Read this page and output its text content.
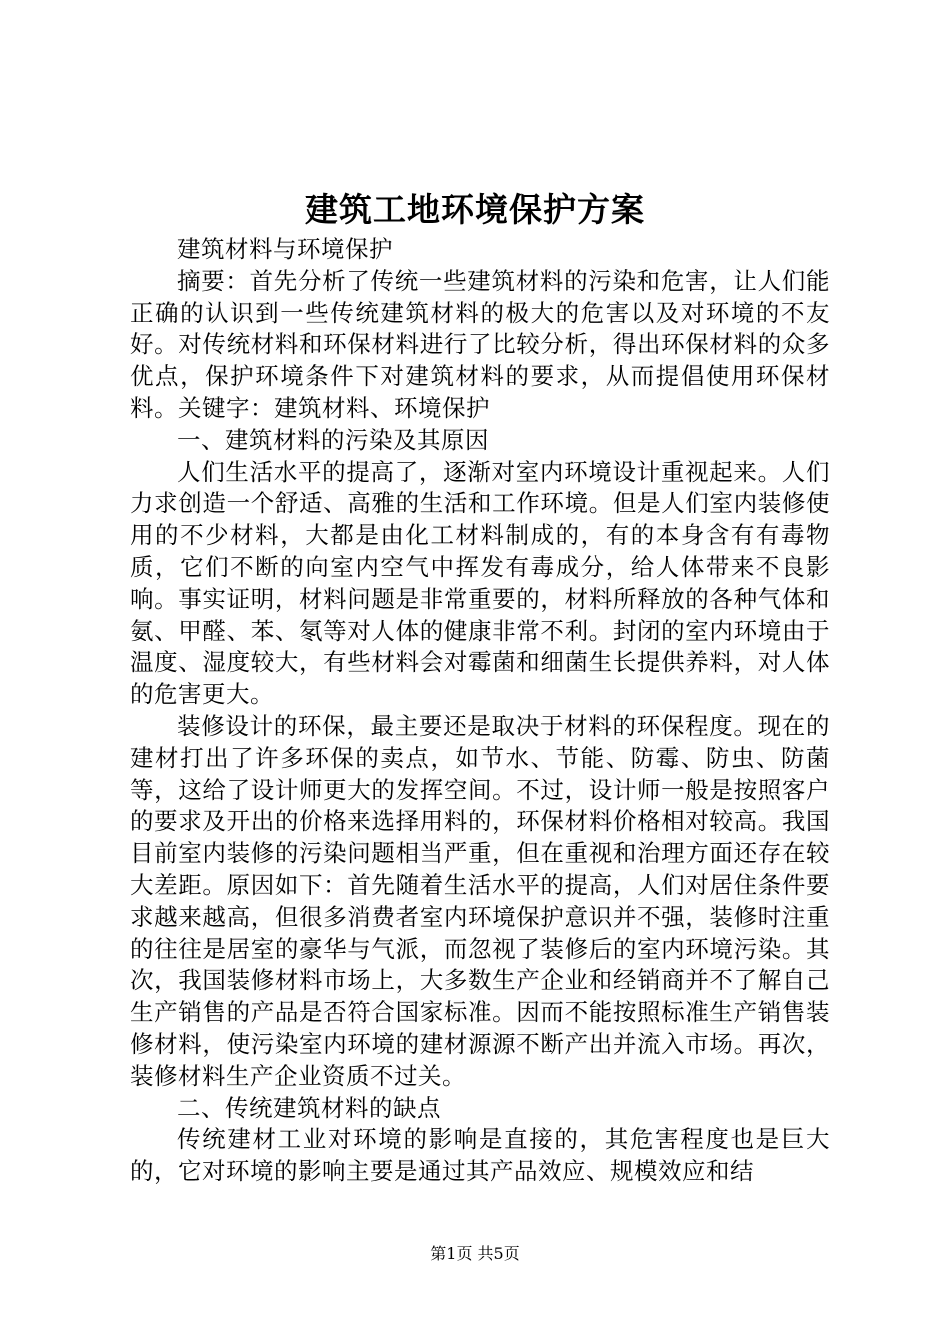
建筑工地环境保护方案

建筑材料与环境保护

摘要：首先分析了传统一些建筑材料的污染和危害，让人们能正确的认识到一些传统建筑材料的极大的危害以及对环境的不友好。对传统材料和环保材料进行了比较分析，得出环保材料的众多优点，保护环境条件下对建筑材料的要求，从而提倡使用环保材料。关键字：建筑材料、环境保护

一、建筑材料的污染及其原因

人们生活水平的提高了，逐渐对室内环境设计重视起来。人们力求创造一个舒适、高雅的生活和工作环境。但是人们室内装修使用的不少材料，大都是由化工材料制成的，有的本身含有有毒物质，它们不断的向室内空气中挥发有毒成分，给人体带来不良影响。事实证明，材料问题是非常重要的，材料所释放的各种气体和氨、甲醛、苯、氡等对人体的健康非常不利。封闭的室内环境由于温度、湿度较大，有些材料会对霉菌和细菌生长提供养料，对人体的危害更大。

装修设计的环保，最主要还是取决于材料的环保程度。现在的建材打出了许多环保的卖点，如节水、节能、防霉、防虫、防菌等，这给了设计师更大的发挥空间。不过，设计师一般是按照客户的要求及开出的价格来选择用料的，环保材料价格相对较高。我国目前室内装修的污染问题相当严重，但在重视和治理方面还存在较大差距。原因如下：首先随着生活水平的提高，人们对居住条件要求越来越高，但很多消费者室内环境保护意识并不强，装修时注重的往往是居室的豪华与气派，而忽视了装修后的室内环境污染。其次，我国装修材料市场上，大多数生产企业和经销商并不了解自己生产销售的产品是否符合国家标准。因而不能按照标准生产销售装修材料，使污染室内环境的建材源源不断产出并流入市场。再次，装修材料生产企业资质不过关。

二、传统建筑材料的缺点

传统建材工业对环境的影响是直接的，其危害程度也是巨大的，它对环境的影响主要是通过其产品效应、规模效应和结

第1页 共5页
